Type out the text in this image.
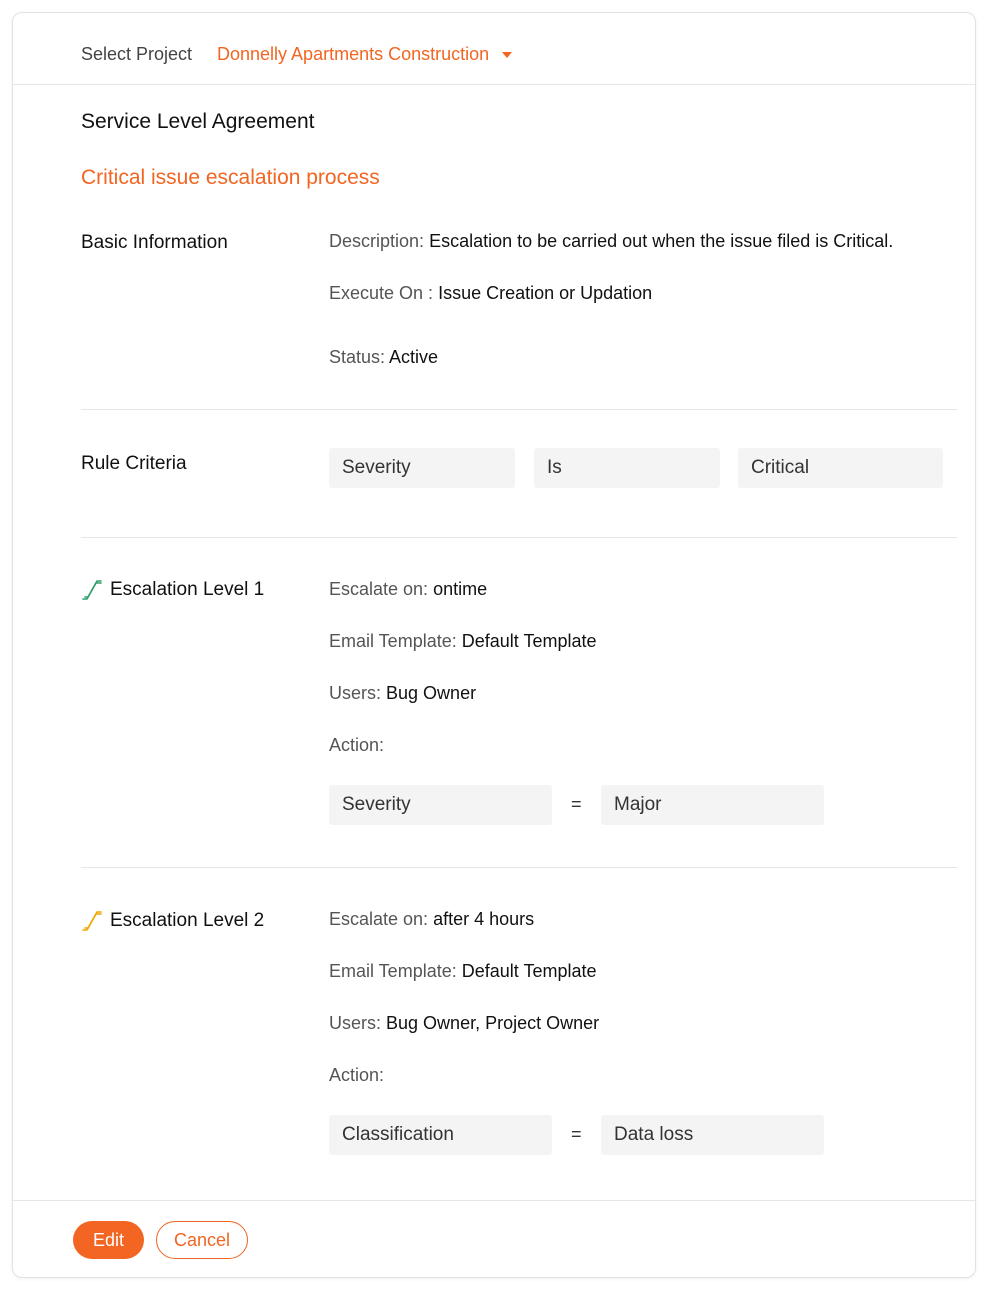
Select Project Donnelly Apartments Construction
Service Level Agreement
Critical issue escalation process
Basic Information	Description: Escalation to be carried out when the issue filed is Critical.
Execute On : Issue Creation or Updation
Status: Active
Rule Criteria	Severity	Is	Critical
Escalation Level 1	Escalate on: ontime
Email Template: Default Template
Users: Bug Owner
Action:
Severity	=	Major
Escalation Level 2	Escalate on: after 4 hours
Email Template: Default Template
Users: Bug Owner, Project Owner
Action:
Classification	=	Data loss
Edit	Cancel
